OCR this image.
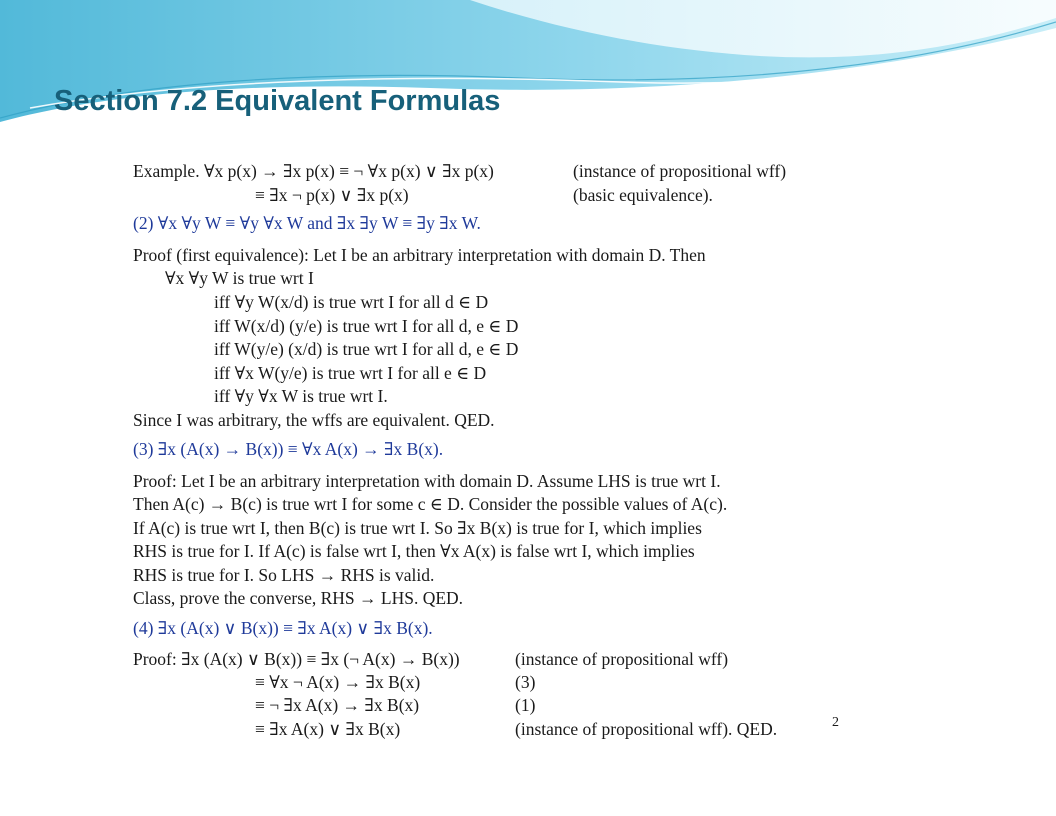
Section 7.2 Equivalent Formulas
Example. ∀x p(x) → ∃x p(x) ≡ ¬ ∀x p(x) ∨ ∃x p(x)	(instance of propositional wff)
≡ ∃x ¬ p(x) ∨ ∃x p(x)	(basic equivalence).
(2) ∀x ∀y W ≡ ∀y ∀x W and ∃x ∃y W ≡ ∃y ∃x W.
Proof (first equivalence): Let I be an arbitrary interpretation with domain D. Then
∀x ∀y W is true wrt I
iff ∀y W(x/d) is true wrt I for all d ∈ D
iff W(x/d) (y/e) is true wrt I for all d, e ∈ D
iff W(y/e) (x/d) is true wrt I for all d, e ∈ D
iff ∀x W(y/e) is true wrt I for all e ∈ D
iff ∀y ∀x W is true wrt I.
Since I was arbitrary, the wffs are equivalent. QED.
(3) ∃x (A(x) → B(x)) ≡ ∀x A(x) → ∃x B(x).
Proof: Let I be an arbitrary interpretation with domain D. Assume LHS is true wrt I.
Then A(c) → B(c) is true wrt I for some c ∈ D. Consider the possible values of A(c).
If A(c) is true wrt I, then B(c) is true wrt I. So ∃x B(x) is true for I, which implies
RHS is true for I. If A(c) is false wrt I, then ∀x A(x) is false wrt I, which implies
RHS is true for I. So LHS → RHS is valid.
Class, prove the converse, RHS → LHS. QED.
(4) ∃x (A(x) ∨ B(x)) ≡ ∃x A(x) ∨ ∃x B(x).
Proof: ∃x (A(x) ∨ B(x)) ≡ ∃x (¬ A(x) → B(x))	(instance of propositional wff)
≡ ∀x ¬ A(x) → ∃x B(x)	(3)
≡ ¬ ∃x A(x) → ∃x B(x)	(1)
≡ ∃x A(x) ∨ ∃x B(x)	(instance of propositional wff). QED.	2
